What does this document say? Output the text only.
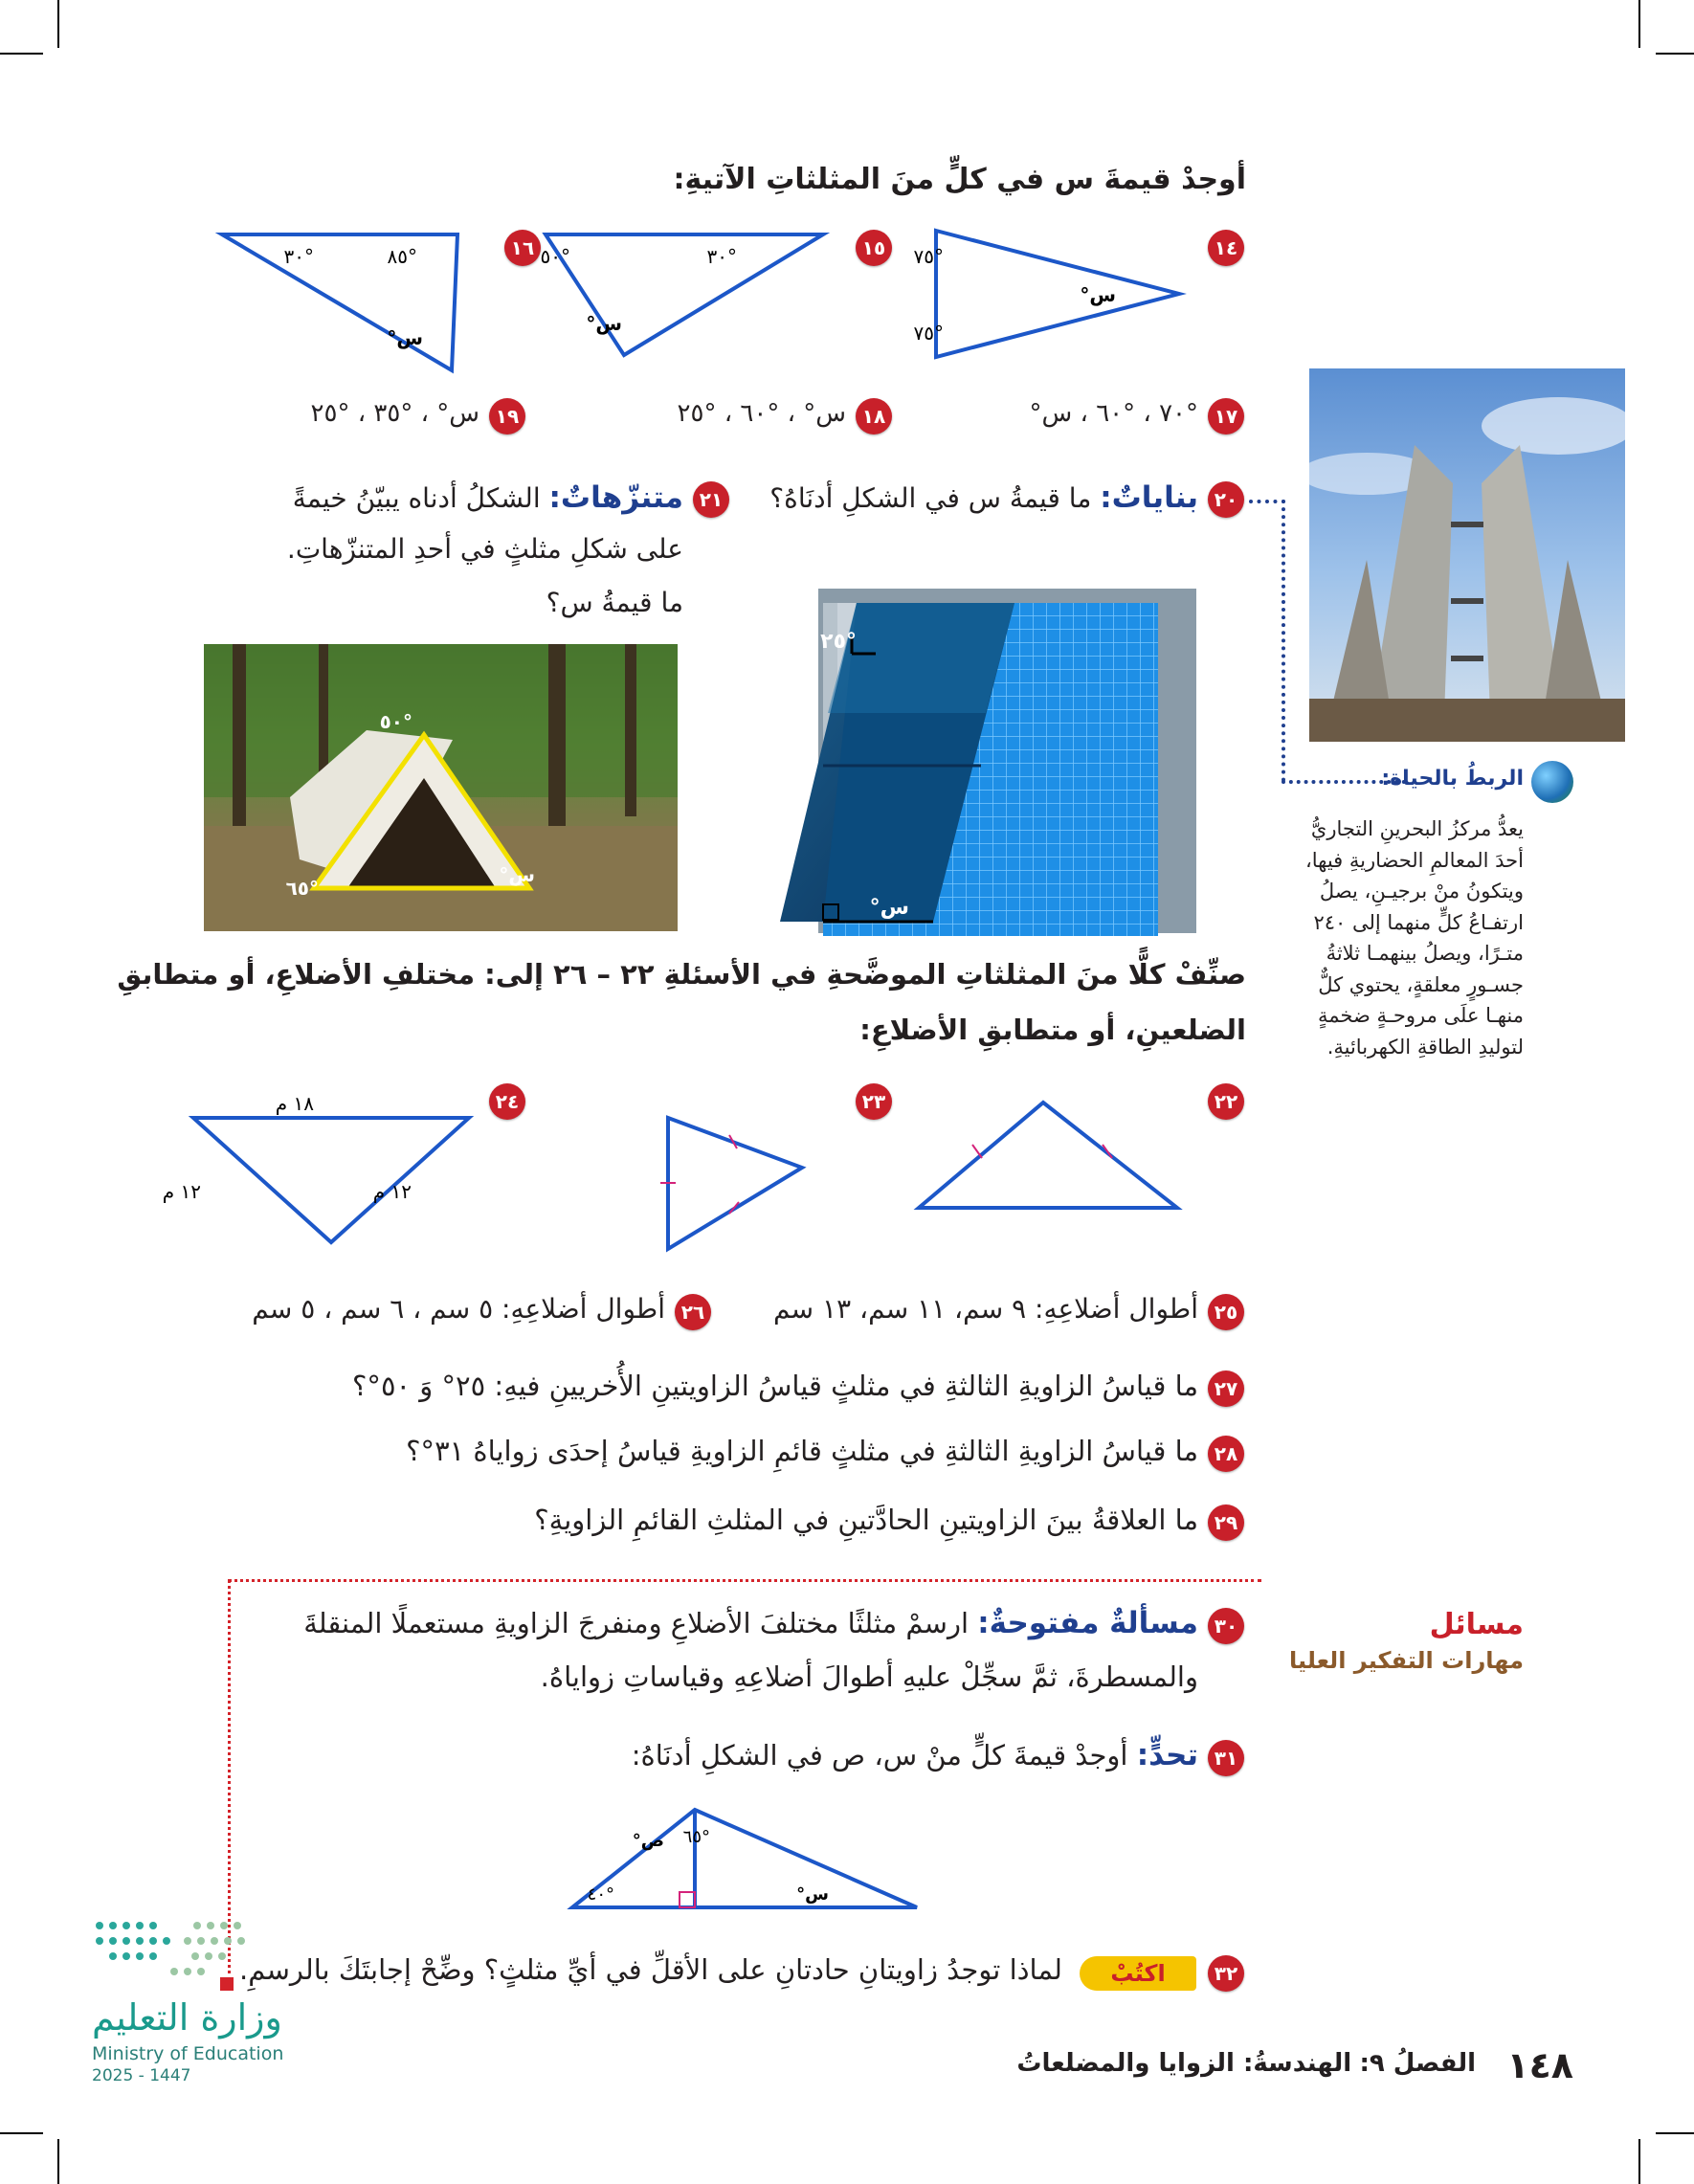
أوجدْ قيمةَ س في كلٍّ منَ المثلثاتِ الآتيةِ:
°٣٠	°٨٥
س°
°٥٠	°٣٠
س°
°٧٥
°٧٥
س°
١٦	١٥	١٤
١٧
°٧٠ ، °٦٠ ، س°
١٨
س° ، °٦٠ ، °٢٥
١٩
س° ، °٣٥ ، °٢٥
٢٠
بناياتٌ: ما قيمةُ س في الشكلِ أدنَاهُ؟
٢١
متنزّهاتٌ: الشكلُ أدناه يبيّنُ خيمةً
على شكلِ مثلثٍ في أحدِ المتنزّهاتِ.
ما قيمةُ س؟
°٥٠
°٦٥
س°
°٢٥
س°
الربطُ بالحياة:
يعدُّ مركزُ البحرينِ التجاريُّ
أحدَ المعالمِ الحضاريةِ فيها،
ويتكونُ منْ برجيـنِ، يصلُ
ارتفـاعُ كلٍّ منهما إلى ٢٤٠
متـرًا، ويصلُ بينهمـا ثلاثةُ
جسـورٍ معلقةٍ، يحتوي كلٌّ
منهـا علَى مروحـةٍ ضخمةٍ
لتوليدِ الطاقةِ الكهربائيةِ.
صنِّفْ كلًّا منَ المثلثاتِ الموضَّحةِ في الأسئلةِ ٢٢ – ٢٦ إلى: مختلفِ الأضلاعِ، أو متطابقِ
الضلعينِ، أو متطابقِ الأضلاعِ:
٢٢
٢٣
٢٤
١٨ م
١٢ م	١٢ م
٢٥
أطوال أضلاعِهِ: ٩ سم، ١١ سم، ١٣ سم
٢٦
أطوال أضلاعِهِ: ٥ سم ، ٦ سم ، ٥ سم
٢٧
ما قياسُ الزاويةِ الثالثةِ في مثلثٍ قياسُ الزاويتينِ الأُخريينِ فيهِ: ٢٥° وَ ٥٠°؟
٢٨
ما قياسُ الزاويةِ الثالثةِ في مثلثٍ قائمِ الزاويةِ قياسُ إحدَى زواياهُ ٣١°؟
٢٩
ما العلاقةُ بينَ الزاويتينِ الحادَّتينِ في المثلثِ القائمِ الزاويةِ؟
مسائل
مهارات التفكير العليا
٣٠
مسألةٌ مفتوحةٌ: ارسمْ مثلثًا مختلفَ الأضلاعِ ومنفرجَ الزاويةِ مستعملًا المنقلةَ
والمسطرةَ، ثمَّ سجِّلْ عليهِ أطوالَ أضلاعِهِ وقياساتِ زواياهُ.
٣١
تحدٍّ: أوجدْ قيمةَ كلٍّ منْ س، ص في الشكلِ أدنَاهُ:
°٦٥
ص°
°٤٠	س°
٣٢
اكتُبْ
لماذا توجدُ زاويتانِ حادتانِ على الأقلِّ في أيِّ مثلثٍ؟ وضِّحْ إجابتَكَ بالرسمِ.
وزارة التعليم
Ministry of Education
2025 - 1447	١٤٨
الفصلُ ٩: الهندسةُ: الزوايا والمضلعاتُ
